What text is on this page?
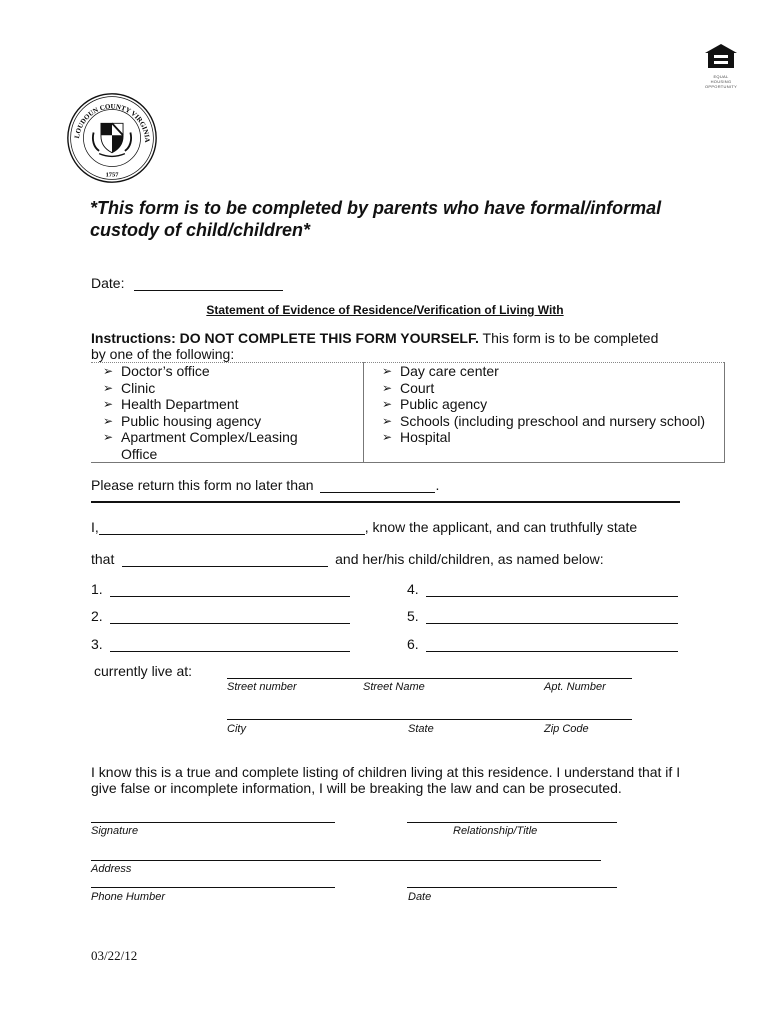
LOUDOUN COUNTY VIRGINIA
1757
EQUAL HOUSING
OPPORTUNITY
*This form is to be completed by parents who have formal/informal custody of child/children*
Date:
Statement of Evidence of Residence/Verification of Living With
Instructions: DO NOT COMPLETE THIS FORM YOURSELF. This form is to be completed
by one of the following:
➢ Doctor’s office
➢ Clinic
➢ Health Department
➢ Public housing agency
➢ Apartment Complex/Leasing Office

➢ Day care center
➢ Court
➢ Public agency
➢ Schools (including preschool and nursery school)
➢ Hospital
Please return this form no later than	.
I,	, know the applicant, and can truthfully state
that	and her/his child/children, as named below:
1.
2.
3.
4.
5.
6.
currently live at:
Street number	Street Name	Apt. Number
City	State	Zip Code
I know this is a true and complete listing of children living at this residence. I understand that if I give false or incomplete information, I will be breaking the law and can be prosecuted.
Signature	Relationship/Title
Address
Phone Humber	Date
03/22/12
